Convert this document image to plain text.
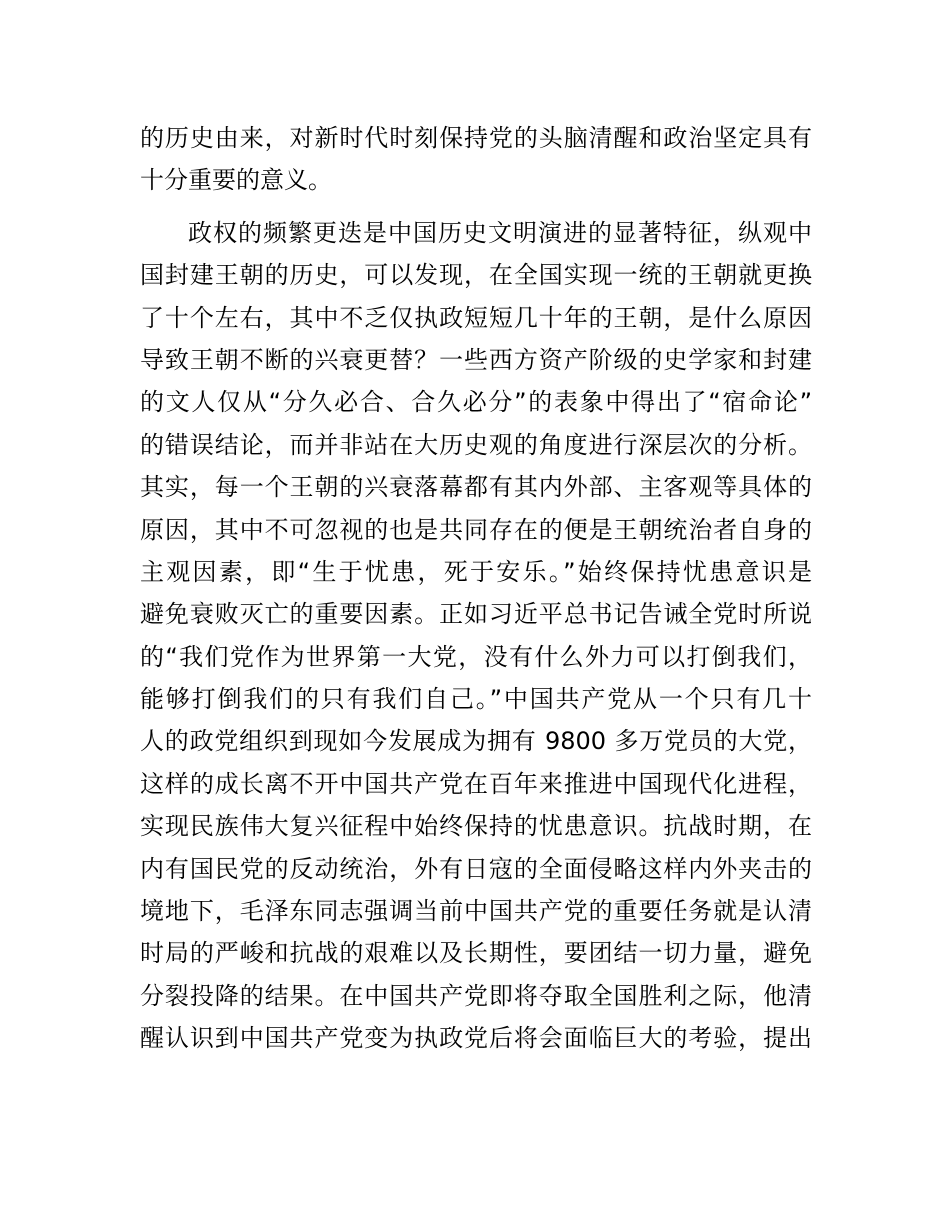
的历史由来，对新时代时刻保持党的头脑清醒和政治坚定具有
十分重要的意义。
政权的频繁更迭是中国历史文明演进的显著特征，纵观中
国封建王朝的历史，可以发现，在全国实现一统的王朝就更换
了十个左右，其中不乏仅执政短短几十年的王朝，是什么原因
导致王朝不断的兴衰更替？一些西方资产阶级的史学家和封建
的文人仅从“分久必合、合久必分”的表象中得出了“宿命论”
的错误结论，而并非站在大历史观的角度进行深层次的分析。
其实，每一个王朝的兴衰落幕都有其内外部、主客观等具体的
原因，其中不可忽视的也是共同存在的便是王朝统治者自身的
主观因素，即“生于忧患，死于安乐。”始终保持忧患意识是
避免衰败灭亡的重要因素。正如习近平总书记告诫全党时所说
的“我们党作为世界第一大党，没有什么外力可以打倒我们，
能够打倒我们的只有我们自己。”中国共产党从一个只有几十
人的政党组织到现如今发展成为拥有 9800 多万党员的大党，
这样的成长离不开中国共产党在百年来推进中国现代化进程，
实现民族伟大复兴征程中始终保持的忧患意识。抗战时期，在
内有国民党的反动统治，外有日寇的全面侵略这样内外夹击的
境地下，毛泽东同志强调当前中国共产党的重要任务就是认清
时局的严峻和抗战的艰难以及长期性，要团结一切力量，避免
分裂投降的结果。在中国共产党即将夺取全国胜利之际，他清
醒认识到中国共产党变为执政党后将会面临巨大的考验，提出
